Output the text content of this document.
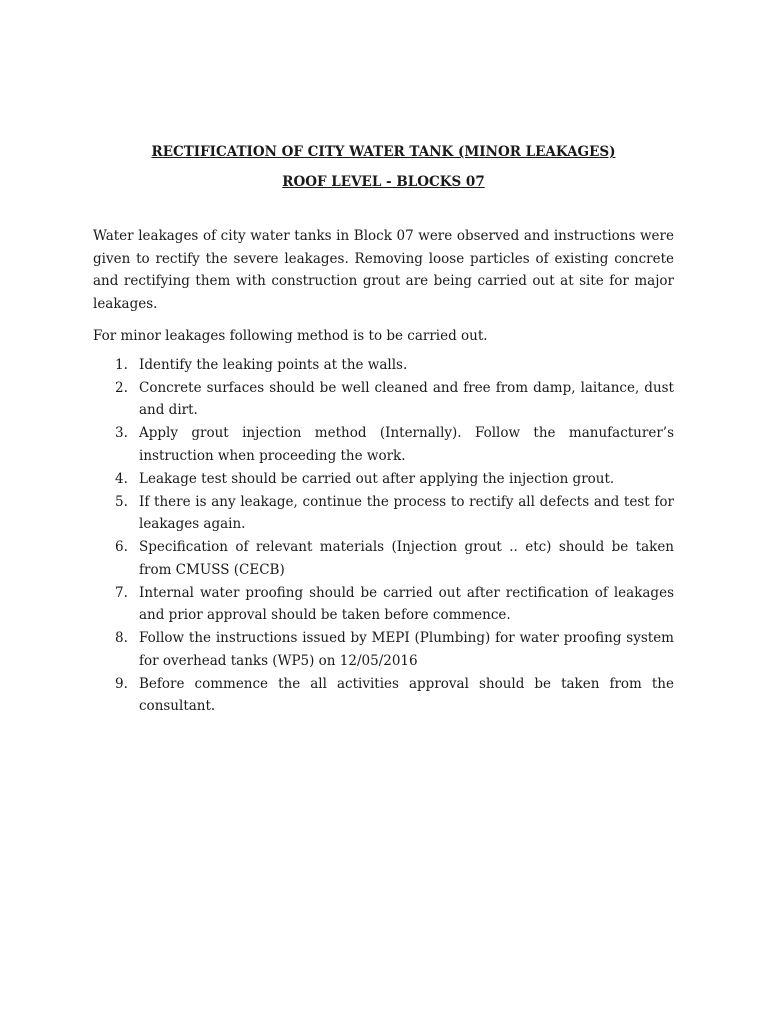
RECTIFICATION OF CITY WATER TANK (MINOR LEAKAGES)
ROOF LEVEL - BLOCKS 07

Water leakages of city water tanks in Block 07 were observed and instructions were given to rectify the severe leakages. Removing loose particles of existing concrete and rectifying them with construction grout are being carried out at site for major leakages.

For minor leakages following method is to be carried out.

1. Identify the leaking points at the walls.
2. Concrete surfaces should be well cleaned and free from damp, laitance, dust and dirt.
3. Apply grout injection method (Internally). Follow the manufacturer’s instruction when proceeding the work.
4. Leakage test should be carried out after applying the injection grout.
5. If there is any leakage, continue the process to rectify all defects and test for leakages again.
6. Specification of relevant materials (Injection grout .. etc) should be taken from CMUSS (CECB)
7. Internal water proofing should be carried out after rectification of leakages and prior approval should be taken before commence.
8. Follow the instructions issued by MEPI (Plumbing) for water proofing system for overhead tanks (WP5) on 12/05/2016
9. Before commence the all activities approval should be taken from the consultant.
